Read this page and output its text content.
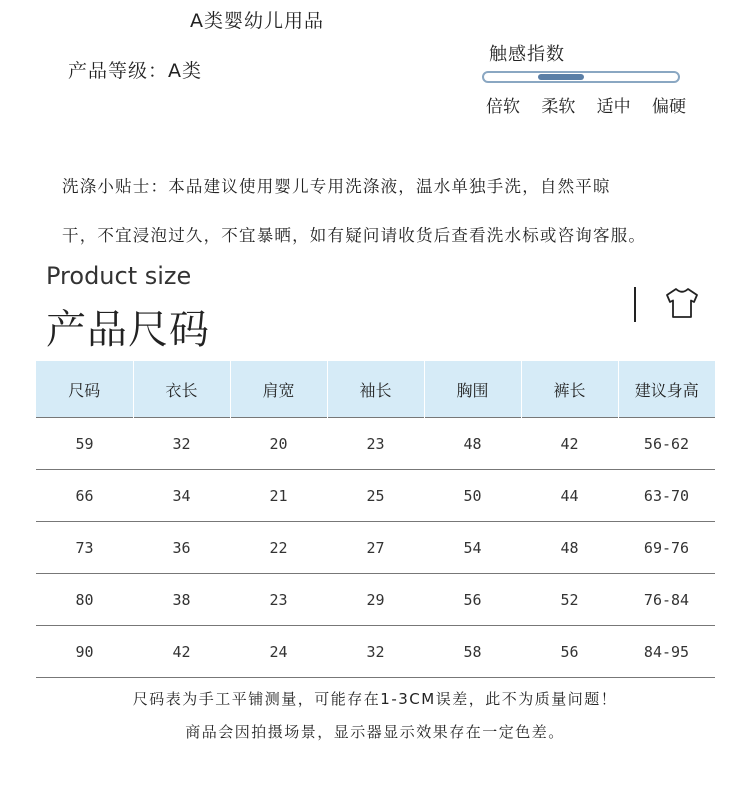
A类婴幼儿用品
产品等级：A类
触感指数
倍软 柔软 适中 偏硬
洗涤小贴士：本品建议使用婴儿专用洗涤液，温水单独手洗，自然平晾
干，不宜浸泡过久，不宜暴晒，如有疑问请收货后查看洗水标或咨询客服。
Product size
产品尺码
尺码	衣长	肩宽	袖长	胸围	裤长	建议身高
59	32	20	23	48	42	56-62
66	34	21	25	50	44	63-70
73	36	22	27	54	48	69-76
80	38	23	29	56	52	76-84
90	42	24	32	58	56	84-95
尺码表为手工平铺测量，可能存在1-3CM误差，此不为质量问题！
商品会因拍摄场景，显示器显示效果存在一定色差。
